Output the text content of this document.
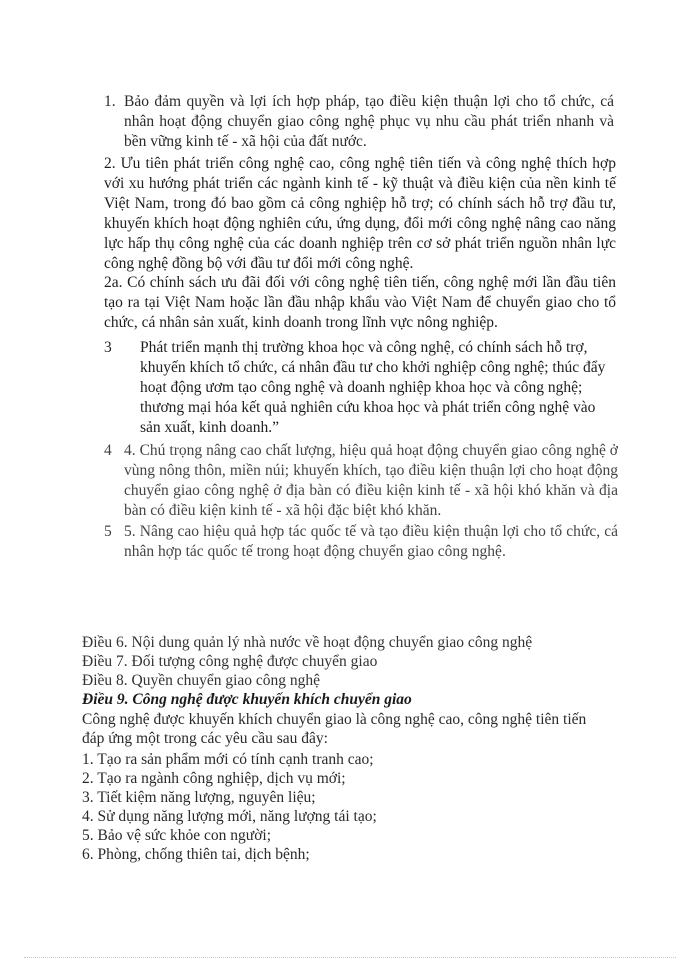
1. Bảo đảm quyền và lợi ích hợp pháp, tạo điều kiện thuận lợi cho tổ chức, cá nhân hoạt động chuyển giao công nghệ phục vụ nhu cầu phát triển nhanh và bền vững kinh tế - xã hội của đất nước.

2. Ưu tiên phát triển công nghệ cao, công nghệ tiên tiến và công nghệ thích hợp với xu hướng phát triển các ngành kinh tế - kỹ thuật và điều kiện của nền kinh tế Việt Nam, trong đó bao gồm cả công nghiệp hỗ trợ; có chính sách hỗ trợ đầu tư, khuyến khích hoạt động nghiên cứu, ứng dụng, đổi mới công nghệ nâng cao năng lực hấp thụ công nghệ của các doanh nghiệp trên cơ sở phát triển nguồn nhân lực công nghệ đồng bộ với đầu tư đổi mới công nghệ.

2a. Có chính sách ưu đãi đối với công nghệ tiên tiến, công nghệ mới lần đầu tiên tạo ra tại Việt Nam hoặc lần đầu nhập khẩu vào Việt Nam để chuyển giao cho tổ chức, cá nhân sản xuất, kinh doanh trong lĩnh vực nông nghiệp.

3	Phát triển mạnh thị trường khoa học và công nghệ, có chính sách hỗ trợ, khuyến khích tổ chức, cá nhân đầu tư cho khởi nghiệp công nghệ; thúc đẩy hoạt động ươm tạo công nghệ và doanh nghiệp khoa học và công nghệ; thương mại hóa kết quả nghiên cứu khoa học và phát triển công nghệ vào sản xuất, kinh doanh.”
4 4. Chú trọng nâng cao chất lượng, hiệu quả hoạt động chuyển giao công nghệ ở vùng nông thôn, miền núi; khuyến khích, tạo điều kiện thuận lợi cho hoạt động chuyển giao công nghệ ở địa bàn có điều kiện kinh tế - xã hội khó khăn và địa bàn có điều kiện kinh tế - xã hội đặc biệt khó khăn.
5 5. Nâng cao hiệu quả hợp tác quốc tế và tạo điều kiện thuận lợi cho tổ chức, cá nhân hợp tác quốc tế trong hoạt động chuyển giao công nghệ.
Điều 6. Nội dung quản lý nhà nước về hoạt động chuyển giao công nghệ
Điều 7. Đối tượng công nghệ được chuyển giao
Điều 8. Quyền chuyển giao công nghệ
Điều 9. Công nghệ được khuyến khích chuyển giao
Công nghệ được khuyến khích chuyển giao là công nghệ cao, công nghệ tiên tiến
đáp ứng một trong các yêu cầu sau đây:
1. Tạo ra sản phẩm mới có tính cạnh tranh cao;
2. Tạo ra ngành công nghiệp, dịch vụ mới;
3. Tiết kiệm năng lượng, nguyên liệu;
4. Sử dụng năng lượng mới, năng lượng tái tạo;
5. Bảo vệ sức khỏe con người;
6. Phòng, chống thiên tai, dịch bệnh;
